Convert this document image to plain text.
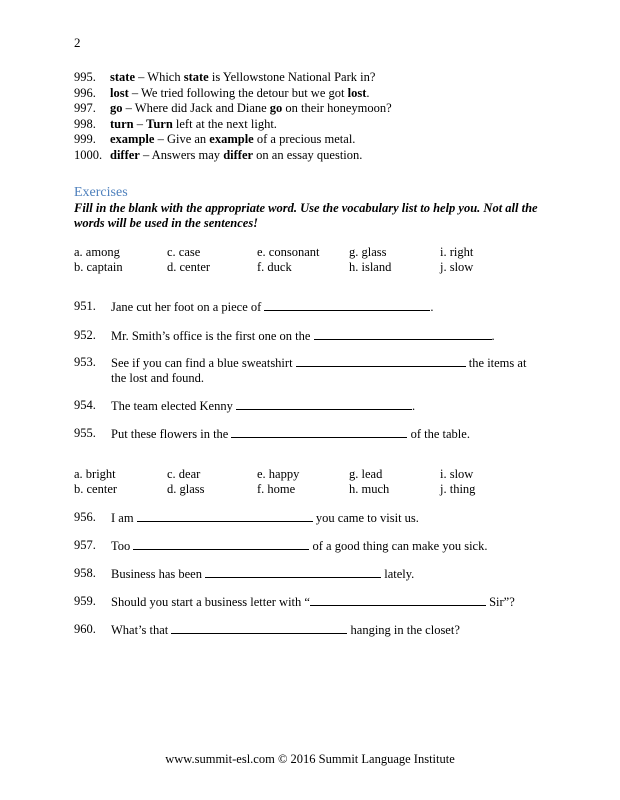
2
995. state – Which state is Yellowstone National Park in?
996. lost – We tried following the detour but we got lost.
997. go – Where did Jack and Diane go on their honeymoon?
998. turn – Turn left at the next light.
999. example – Give an example of a precious metal.
1000. differ – Answers may differ on an essay question.
Exercises
Fill in the blank with the appropriate word. Use the vocabulary list to help you. Not all the words will be used in the sentences!
a. among	c. case	e. consonant g. glass	i. right
b. captain	d. center	f. duck	h. island	j. slow
951. Jane cut her foot on a piece of	.
952. Mr. Smith’s office is the first one on the	.
953. See if you can find a blue sweatshirt	the items at the lost and found.
954. The team elected Kenny	.
955. Put these flowers in the	of the table.
a. bright	c. dear	e. happy	g. lead	i. slow
b. center	d. glass	f. home	h. much	j. thing
956. I am	you came to visit us.
957. Too	of a good thing can make you sick.
958. Business has been	lately.
959. Should you start a business letter with “	Sir”?
960. What’s that	hanging in the closet?
www.summit-esl.com © 2016 Summit Language Institute
